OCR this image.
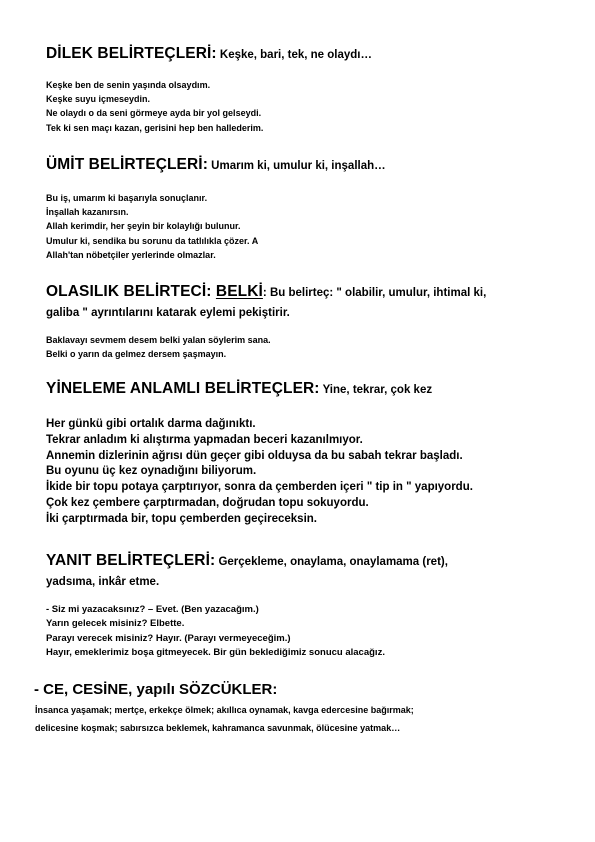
DİLEK BELİRTEÇLERİ: Keşke, bari, tek, ne olaydı…
Keşke ben de senin yaşında olsaydım.
Keşke suyu içmeseydin.
Ne olaydı o da seni görmeye ayda bir yol gelseydi.
Tek ki sen maçı kazan, gerisini hep ben hallederim.
ÜMİT BELİRTEÇLERİ: Umarım ki, umulur ki, inşallah…
Bu iş, umarım ki başarıyla sonuçlanır.
İnşallah kazanırsın.
Allah kerimdir, her şeyin bir kolaylığı bulunur.
Umulur ki, sendika bu sorunu da tatlılıkla çözer. A
Allah'tan nöbetçiler yerlerinde olmazlar.
OLASILIK BELİRTECİ: BELKİ: Bu belirteç: " olabilir, umulur, ihtimal ki,
galiba " ayrıntılarını katarak eylemi pekiştirir.
Baklavayı sevmem desem belki yalan söylerim sana.
Belki o yarın da gelmez dersem şaşmayın.
YİNELEME ANLAMLI BELİRTEÇLER: Yine, tekrar, çok kez
Her günkü gibi ortalık darma dağınıktı.
Tekrar anladım ki alıştırma yapmadan beceri kazanılmıyor.
Annemin dizlerinin ağrısı dün geçer gibi olduysa da bu sabah tekrar başladı.
Bu oyunu üç kez oynadığını biliyorum.
İkide bir topu potaya çarptırıyor, sonra da çemberden içeri " tip in " yapıyordu.
Çok kez çembere çarptırmadan, doğrudan topu sokuyordu.
İki çarptırmada bir, topu çemberden geçireceksin.
YANIT BELİRTEÇLERİ: Gerçekleme, onaylama, onaylamama (ret),
yadsıma, inkâr etme.
- Siz mi yazacaksınız? – Evet. (Ben yazacağım.)
Yarın gelecek misiniz? Elbette.
Parayı verecek misiniz? Hayır. (Parayı vermeyeceğim.)
Hayır, emeklerimiz boşa gitmeyecek. Bir gün beklediğimiz sonucu alacağız.
- CE, CESİNE, yapılı SÖZCÜKLER:
İnsanca yaşamak; mertçe, erkekçe ölmek; akıllıca oynamak, kavga edercesine bağırmak;
delicesine koşmak; sabırsızca beklemek, kahramanca savunmak, ölücesine yatmak…
